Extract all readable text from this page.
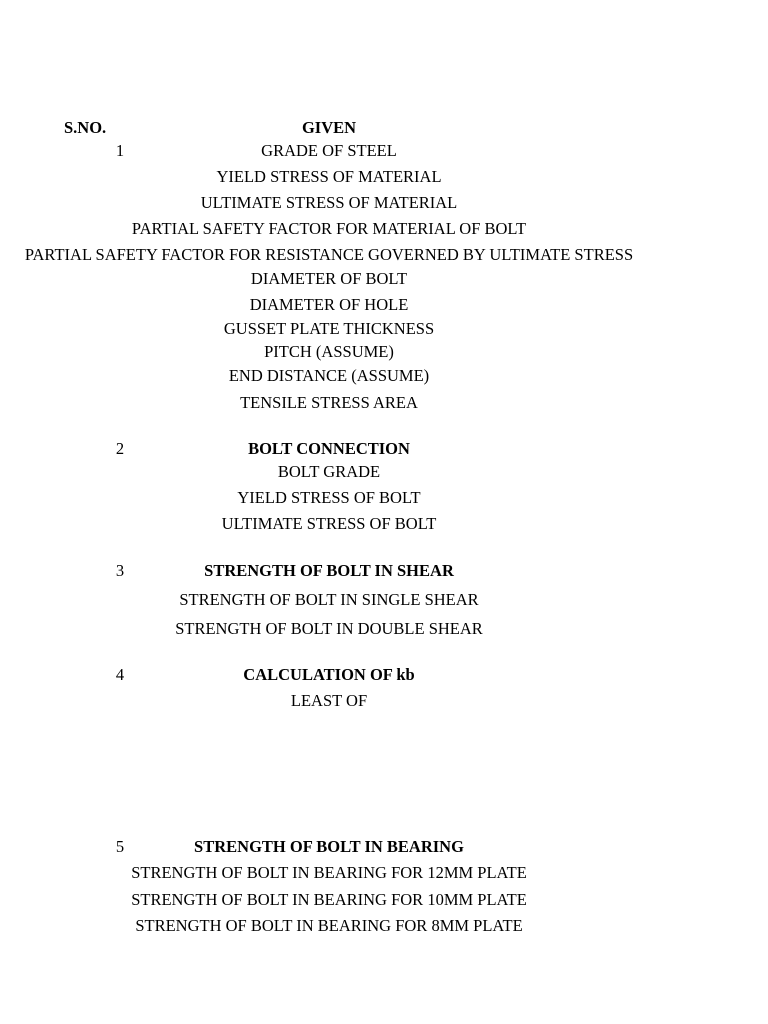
S.NO.	GIVEN
1	GRADE OF STEEL
YIELD STRESS OF MATERIAL
ULTIMATE STRESS OF MATERIAL
PARTIAL SAFETY FACTOR FOR MATERIAL OF BOLT
PARTIAL SAFETY FACTOR FOR RESISTANCE GOVERNED BY ULTIMATE STRESS
DIAMETER OF BOLT
DIAMETER OF HOLE
GUSSET PLATE THICKNESS
PITCH (ASSUME)
END DISTANCE (ASSUME)
TENSILE STRESS AREA
2	BOLT CONNECTION
BOLT GRADE
YIELD STRESS OF BOLT
ULTIMATE STRESS OF BOLT
3	STRENGTH OF BOLT IN SHEAR
STRENGTH OF BOLT IN SINGLE SHEAR
STRENGTH OF BOLT IN DOUBLE SHEAR
4	CALCULATION OF kb
LEAST OF
5	STRENGTH OF BOLT IN BEARING
STRENGTH OF BOLT IN BEARING FOR 12MM PLATE
STRENGTH OF BOLT IN BEARING FOR 10MM PLATE
STRENGTH OF BOLT IN BEARING FOR 8MM PLATE
